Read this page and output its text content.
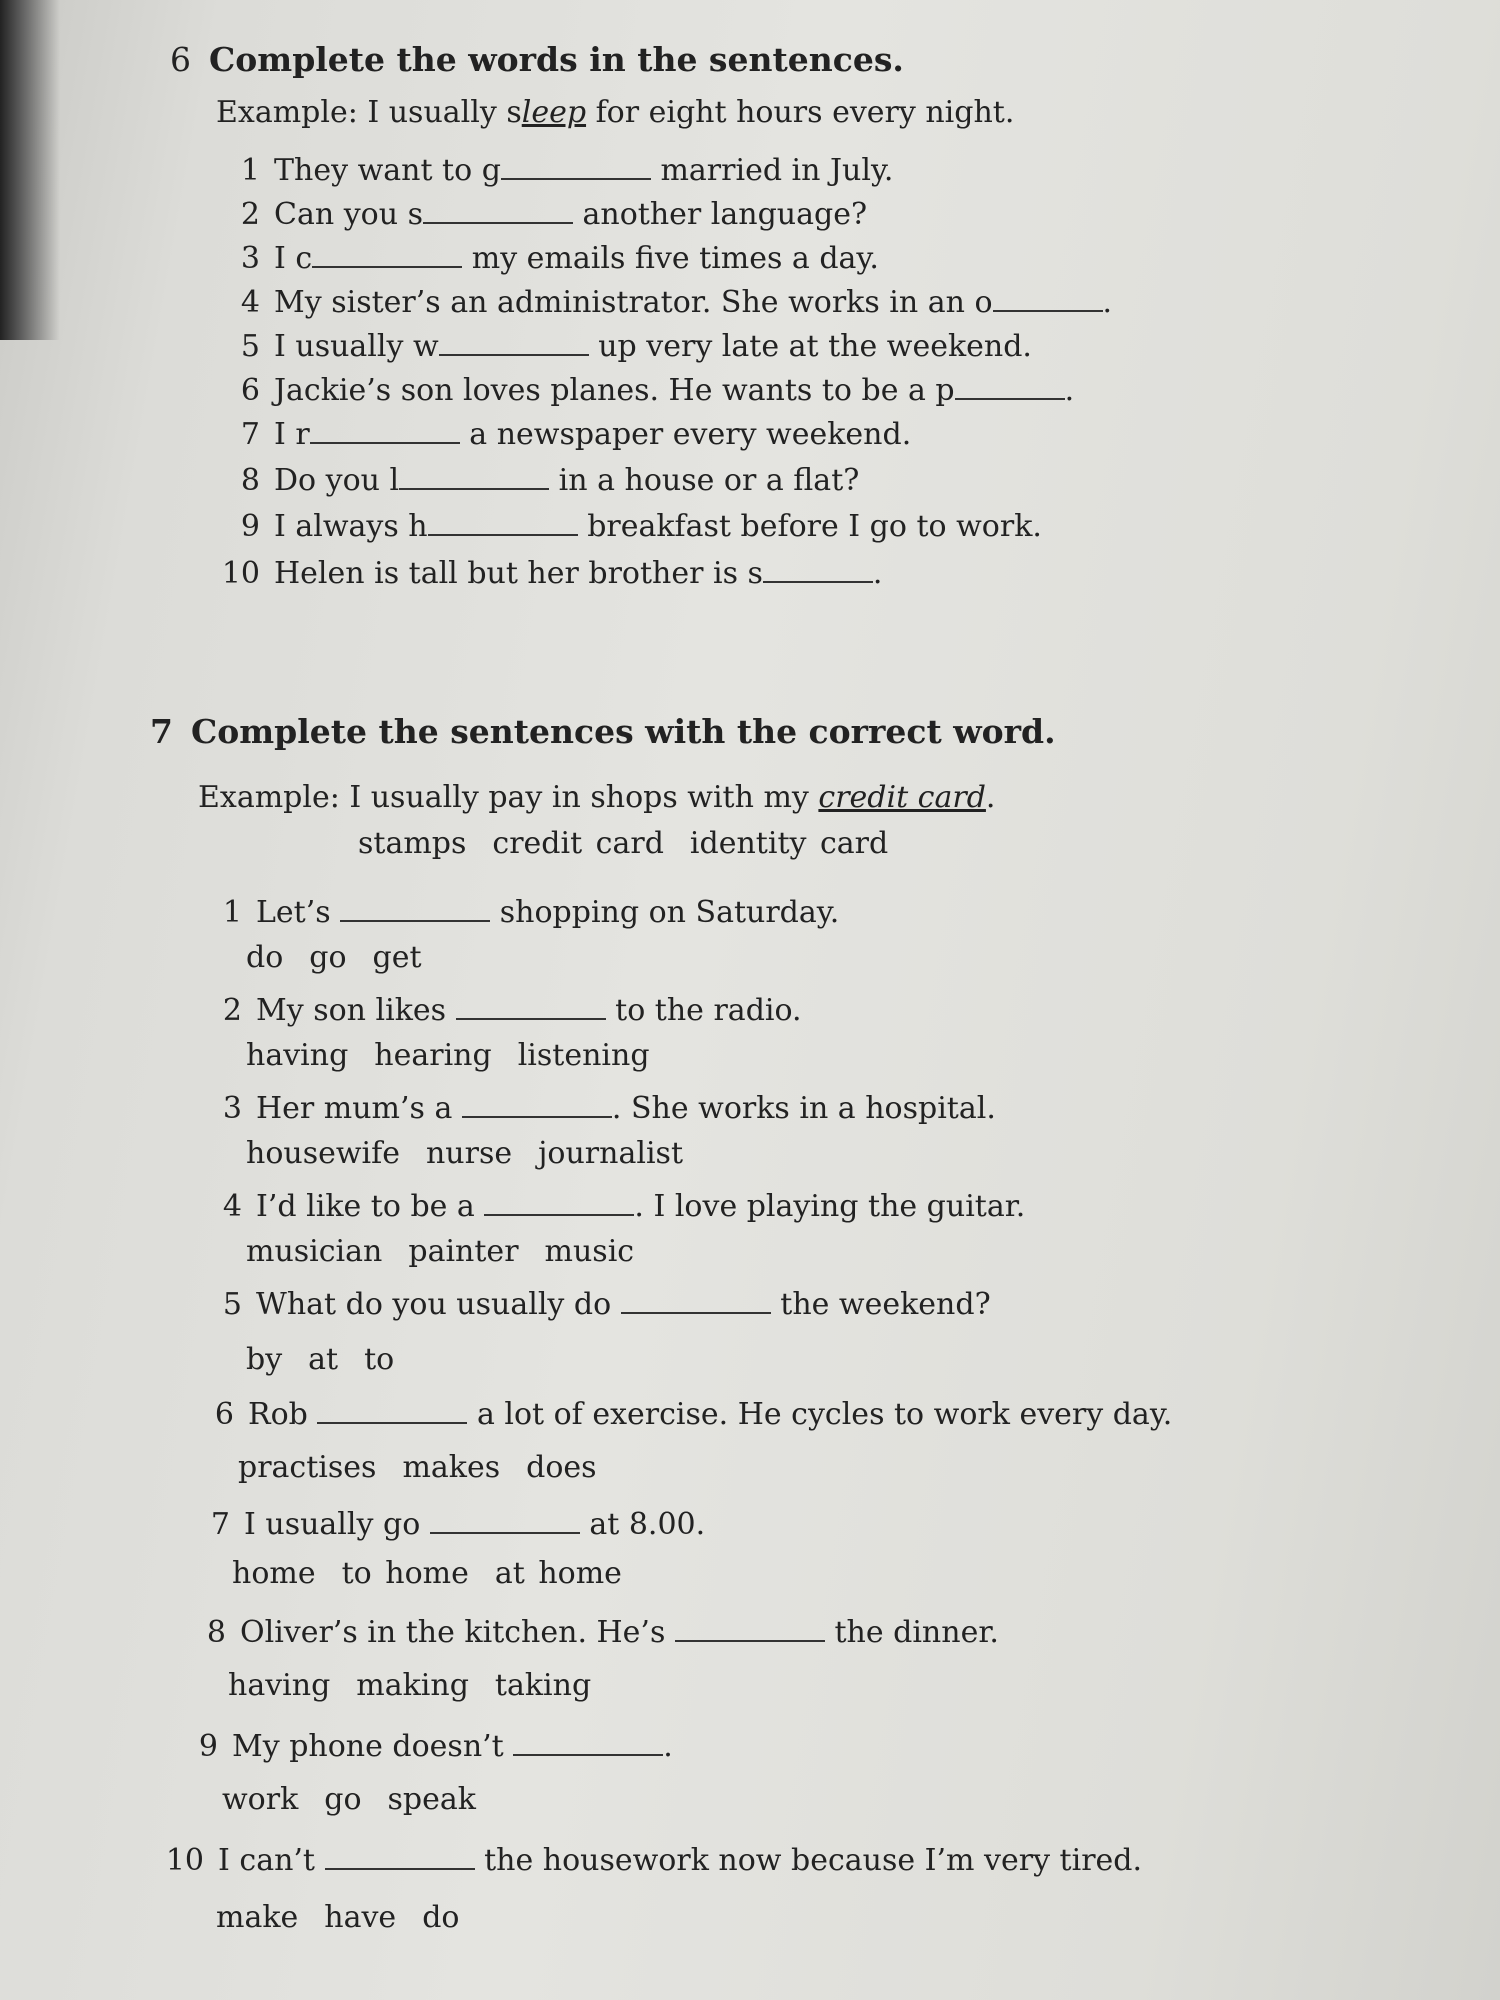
6 Complete the words in the sentences.
Example: I usually sleep for eight hours every night.
1 They want to g	married in July.
2 Can you s	another language?
3 I c	my emails five times a day.
4 My sister’s an administrator. She works in an o	.
5 I usually w	up very late at the weekend.
6 Jackie’s son loves planes. He wants to be a p	.
7 I r	a newspaper every weekend.
8 Do you l	in a house or a flat?
9 I always h	breakfast before I go to work.
10 Helen is tall but her brother is s	.
7 Complete the sentences with the correct word.
Example: I usually pay in shops with my credit card.
stamps credit card identity card
1 Let’s	shopping on Saturday.
do go get
2 My son likes	to the radio.
having hearing listening
3 Her mum’s a	. She works in a hospital.
housewife nurse journalist
4 I’d like to be a	. I love playing the guitar.
musician painter music
5 What do you usually do	the weekend?
by at to
6 Rob	a lot of exercise. He cycles to work every day.
practises makes does
7 I usually go	at 8.00.
home to home at home
8 Oliver’s in the kitchen. He’s	the dinner.
having making taking
9 My phone doesn’t	.
work go speak
10 I can’t	the housework now because I’m very tired.
make have do
